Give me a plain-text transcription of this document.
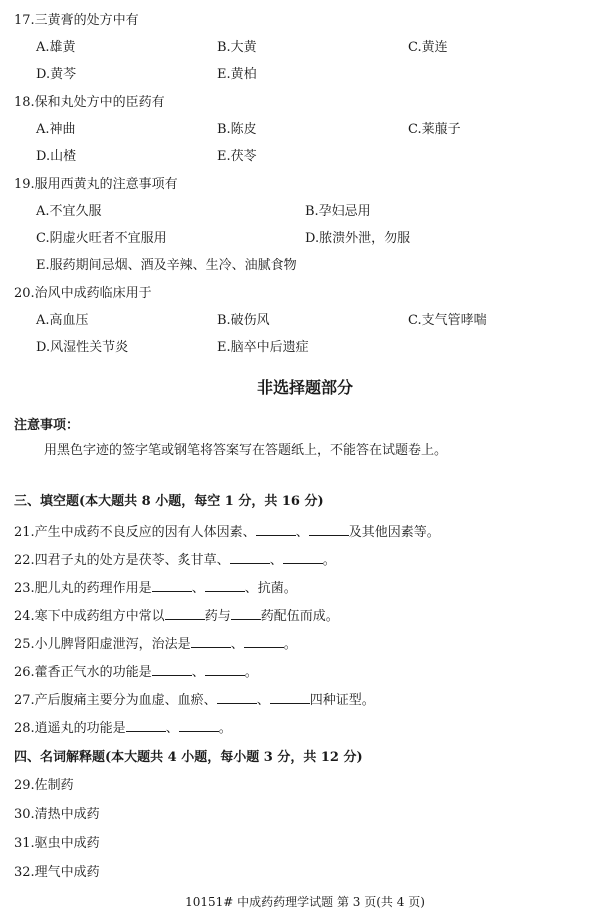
17.三黄膏的处方中有
A.雄黄	B.大黄	C.黄连
D.黄芩	E.黄柏
18.保和丸处方中的臣药有
A.神曲	B.陈皮	C.莱菔子
D.山楂	E.茯苓
19.服用西黄丸的注意事项有
A.不宜久服	B.孕妇忌用
C.阴虚火旺者不宜服用	D.脓溃外泄，勿服
E.服药期间忌烟、酒及辛辣、生冷、油腻食物
20.治风中成药临床用于
A.高血压	B.破伤风	C.支气管哮喘
D.风湿性关节炎	E.脑卒中后遗症
非选择题部分
注意事项：
用黑色字迹的签字笔或钢笔将答案写在答题纸上，不能答在试题卷上。
三、填空题(本大题共 8 小题，每空 1 分，共 16 分)
21.产生中成药不良反应的因有人体因素、	、	及其他因素等。
22.四君子丸的处方是茯苓、炙甘草、	、	。
23.肥儿丸的药理作用是	、	、抗菌。
24.寒下中成药组方中常以	药与 药配伍而成。
25.小儿脾肾阳虚泄泻，治法是	、	。
26.藿香正气水的功能是	、	。
27.产后腹痛主要分为血虚、血瘀、	、	四种证型。
28.逍遥丸的功能是	、	。
四、名词解释题(本大题共 4 小题，每小题 3 分，共 12 分)
29.佐制药
30.清热中成药
31.驱虫中成药
32.理气中成药
10151# 中成药药理学试题 第 3 页(共 4 页)
